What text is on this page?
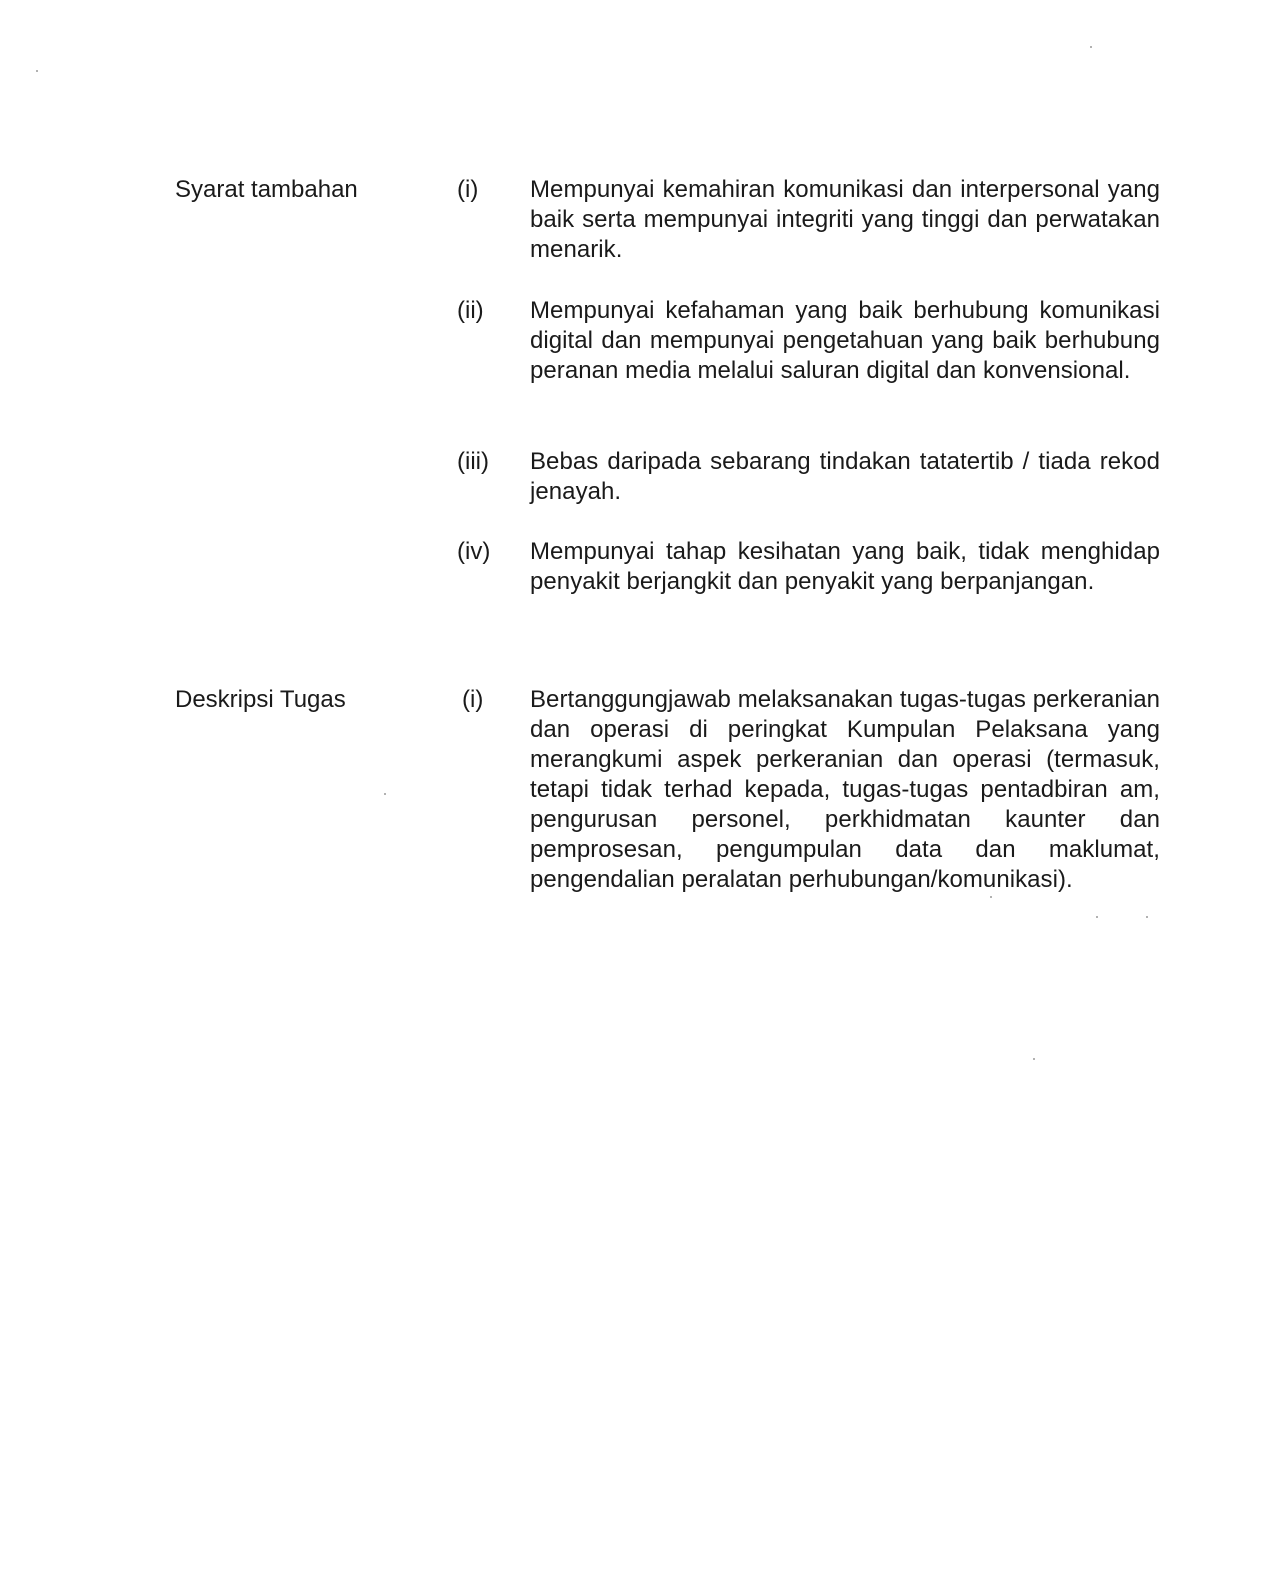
Syarat tambahan	(i) Mempunyai kemahiran komunikasi dan interpersonal yang baik serta mempunyai integriti yang tinggi dan perwatakan menarik.
(ii) Mempunyai kefahaman yang baik berhubung komunikasi digital dan mempunyai pengetahuan yang baik berhubung peranan media melalui saluran digital dan konvensional.
(iii) Bebas daripada sebarang tindakan tatatertib / tiada rekod jenayah.
(iv) Mempunyai tahap kesihatan yang baik, tidak menghidap penyakit berjangkit dan penyakit yang berpanjangan.
Deskripsi Tugas	(i) Bertanggungjawab melaksanakan tugas-tugas perkeranian dan operasi di peringkat Kumpulan Pelaksana yang merangkumi aspek perkeranian dan operasi (termasuk, tetapi tidak terhad kepada, tugas-tugas pentadbiran am, pengurusan personel, perkhidmatan kaunter dan pemprosesan, pengumpulan data dan maklumat, pengendalian peralatan perhubungan/komunikasi).
